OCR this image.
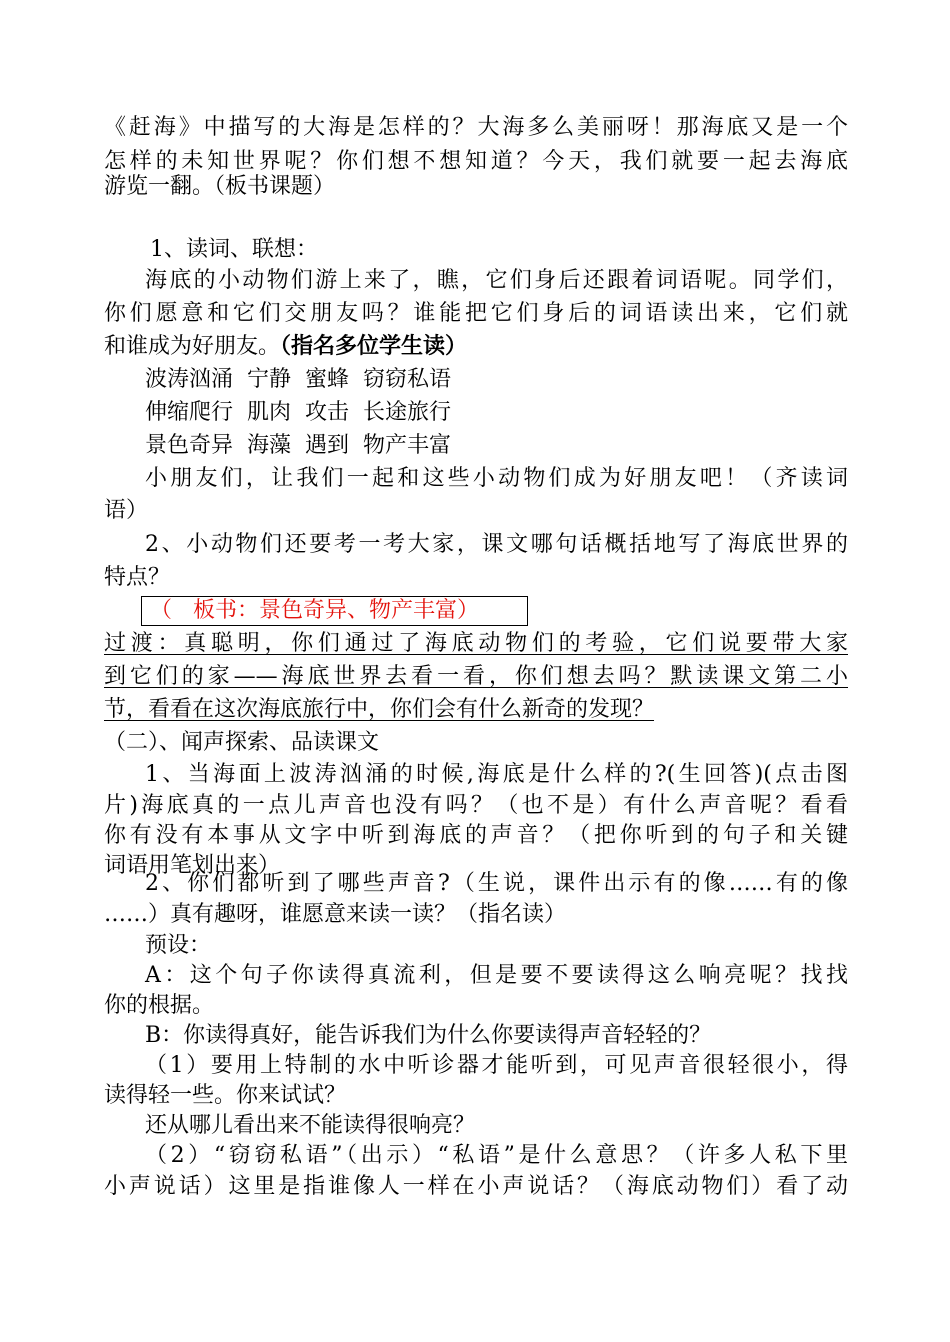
《赶海》中描写的大海是怎样的？大海多么美丽呀！那海底又是一个
怎样的未知世界呢？你们想不想知道？今天，我们就要一起去海底
游览一翻。（板书课题）
1、读词、联想：
海底的小动物们游上来了，瞧，它们身后还跟着词语呢。同学们，
你们愿意和它们交朋友吗？谁能把它们身后的词语读出来，它们就
和谁成为好朋友。（指名多位学生读）
波涛汹涌  宁静  蜜蜂  窃窃私语
伸缩爬行  肌肉  攻击  长途旅行
景色奇异  海藻  遇到  物产丰富
小朋友们，让我们一起和这些小动物们成为好朋友吧！（齐读词
语）
2、小动物们还要考一考大家，课文哪句话概括地写了海底世界的
特点？
（   板书：景色奇异、物产丰富）
过渡：真聪明，你们通过了海底动物们的考验，它们说要带大家
到它们的家——海底世界去看一看，你们想去吗？默读课文第二小
节，看看在这次海底旅行中，你们会有什么新奇的发现？
（二）、闻声探索、品读课文
1、当海面上波涛汹涌的时候,海底是什么样的?(生回答)(点击图
片)海底真的一点儿声音也没有吗？（也不是）有什么声音呢？看看
你有没有本事从文字中听到海底的声音？（把你听到的句子和关键
词语用笔划出来）
2、你们都听到了哪些声音?（生说，课件出示有的像……有的像
……）真有趣呀，谁愿意来读一读？（指名读）
预设：
A：这个句子你读得真流利，但是要不要读得这么响亮呢？找找
你的根据。
B：你读得真好，能告诉我们为什么你要读得声音轻轻的？
（1）要用上特制的水中听诊器才能听到，可见声音很轻很小，得
读得轻一些。你来试试？
还从哪儿看出来不能读得很响亮？
（2）“窃窃私语”（出示）“私语”是什么意思？（许多人私下里
小声说话）这里是指谁像人一样在小声说话？（海底动物们）看了动
